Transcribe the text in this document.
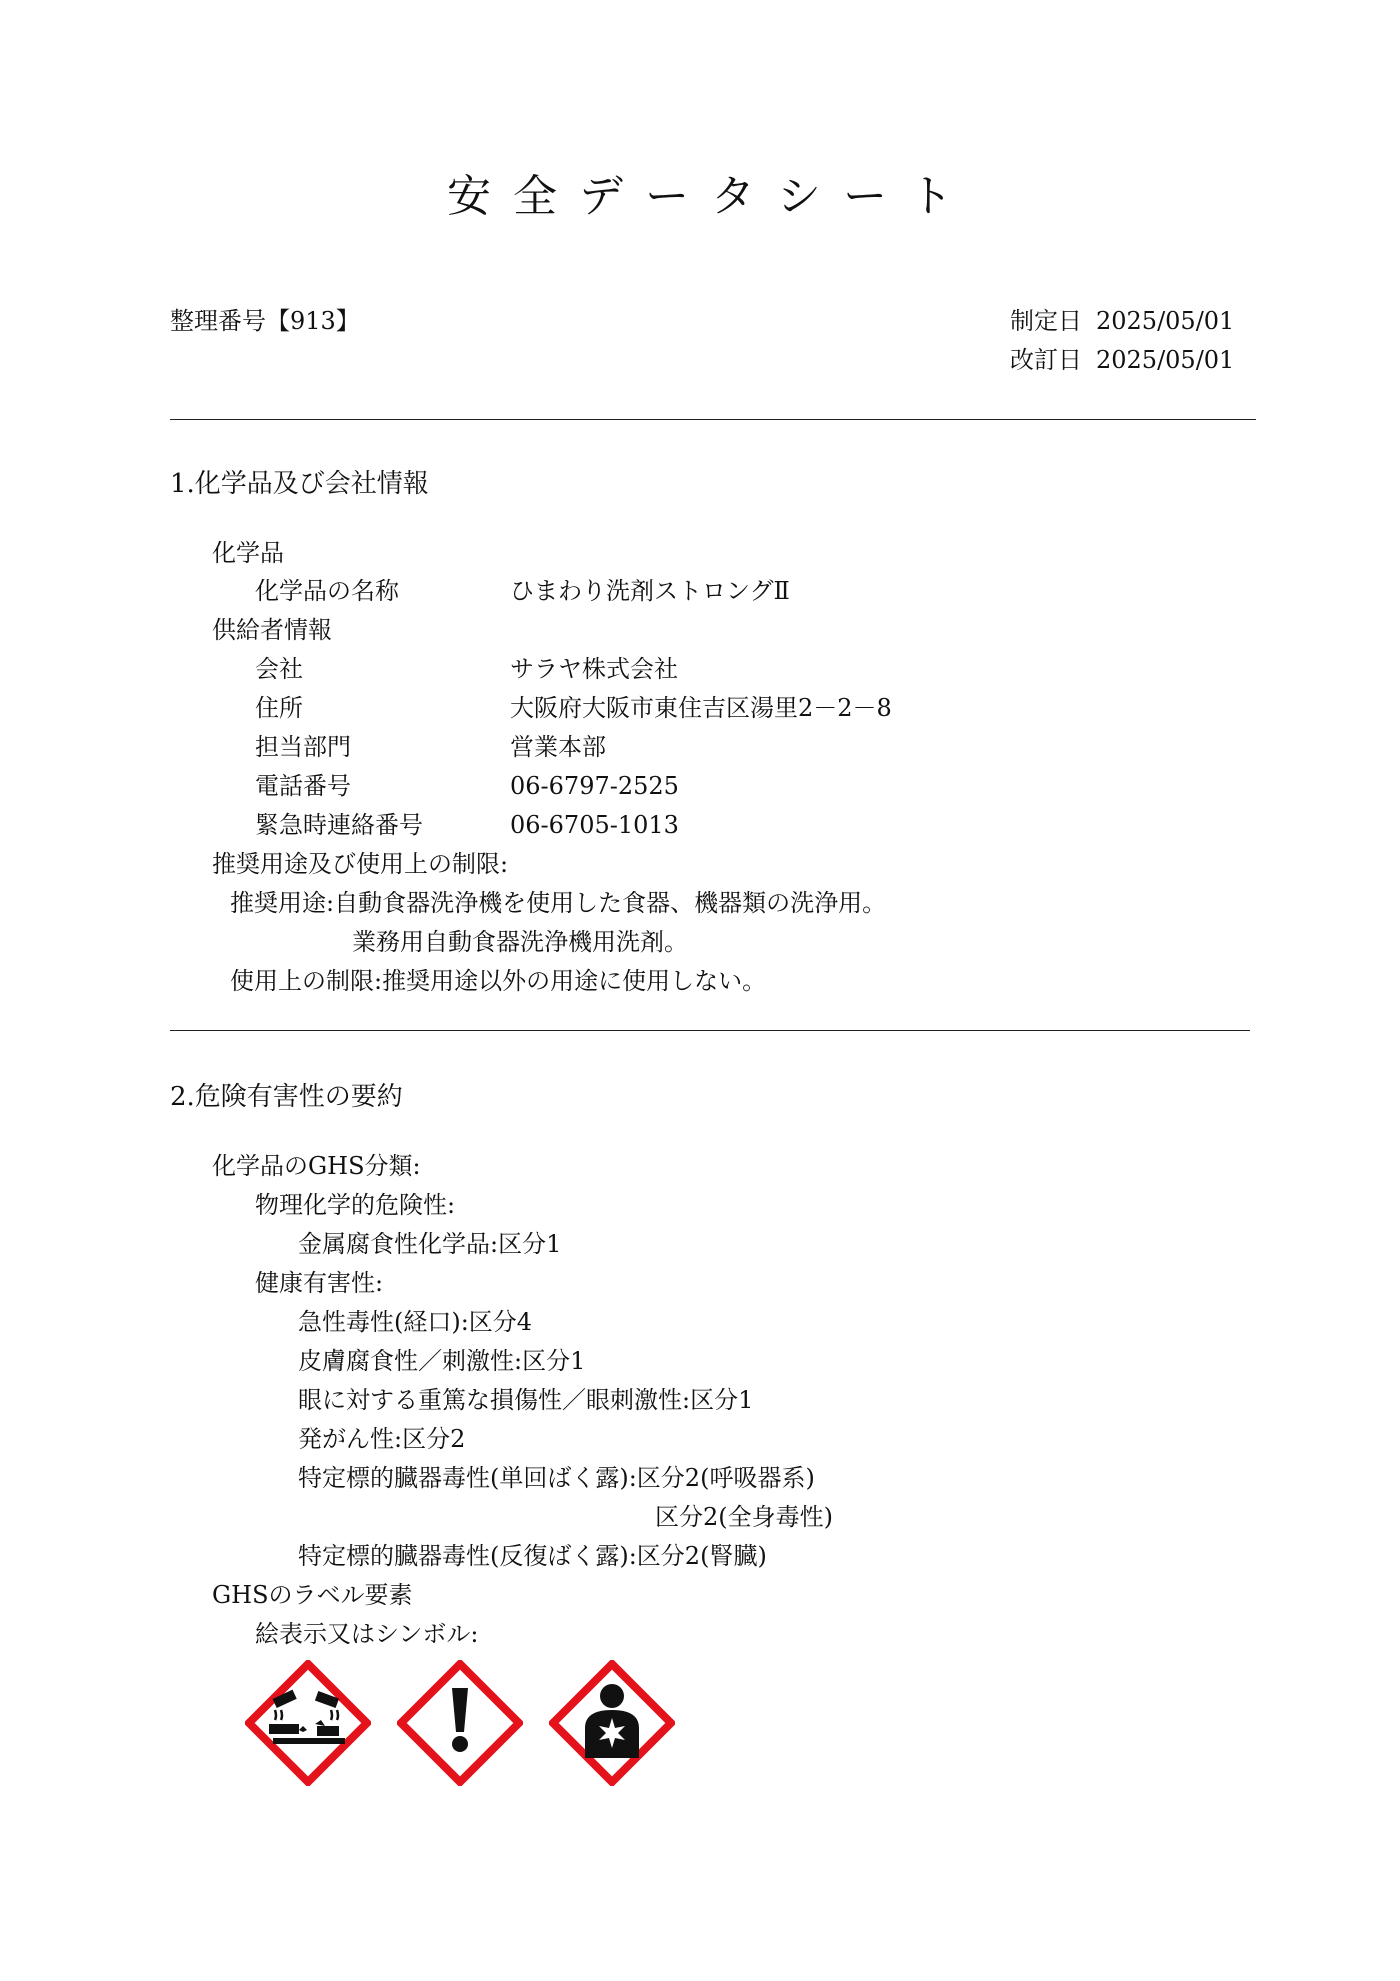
安全データシート
整理番号【913】	制定日 2025/05/01
改訂日 2025/05/01
1.化学品及び会社情報
化学品
化学品の名称	ひまわり洗剤ストロングⅡ
供給者情報
会社	サラヤ株式会社
住所	大阪府大阪市東住吉区湯里2－2－8
担当部門	営業本部
電話番号	06-6797-2525
緊急時連絡番号	06-6705-1013
推奨用途及び使用上の制限:
推奨用途:自動食器洗浄機を使用した食器、機器類の洗浄用。
業務用自動食器洗浄機用洗剤。
使用上の制限:推奨用途以外の用途に使用しない。
2.危険有害性の要約
化学品のGHS分類:
物理化学的危険性:
金属腐食性化学品:区分1
健康有害性:
急性毒性(経口):区分4
皮膚腐食性／刺激性:区分1
眼に対する重篤な損傷性／眼刺激性:区分1
発がん性:区分2
特定標的臓器毒性(単回ばく露):区分2(呼吸器系)
区分2(全身毒性)
特定標的臓器毒性(反復ばく露):区分2(腎臓)
GHSのラベル要素
絵表示又はシンボル:
